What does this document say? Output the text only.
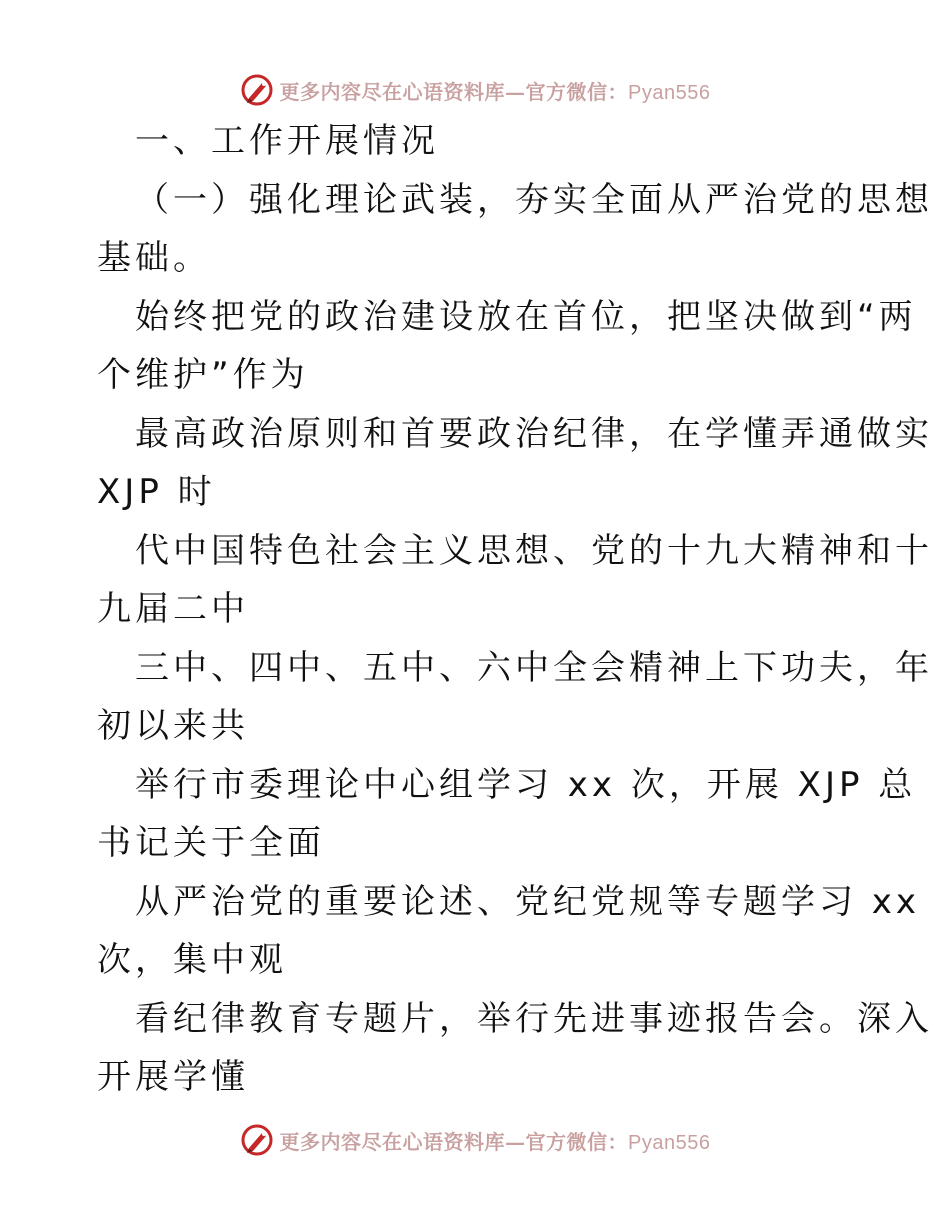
更多内容尽在心语资料库—官方微信：Pyan556
一、工作开展情况
（一）强化理论武装，夯实全面从严治党的思想
基础。
始终把党的政治建设放在首位，把坚决做到“两
个维护”作为
最高政治原则和首要政治纪律，在学懂弄通做实
XJP 时
代中国特色社会主义思想、党的十九大精神和十
九届二中
三中、四中、五中、六中全会精神上下功夫，年
初以来共
举行市委理论中心组学习 xx 次，开展 XJP 总
书记关于全面
从严治党的重要论述、党纪党规等专题学习 xx
次，集中观
看纪律教育专题片，举行先进事迹报告会。深入
开展学懂
更多内容尽在心语资料库—官方微信：Pyan556
